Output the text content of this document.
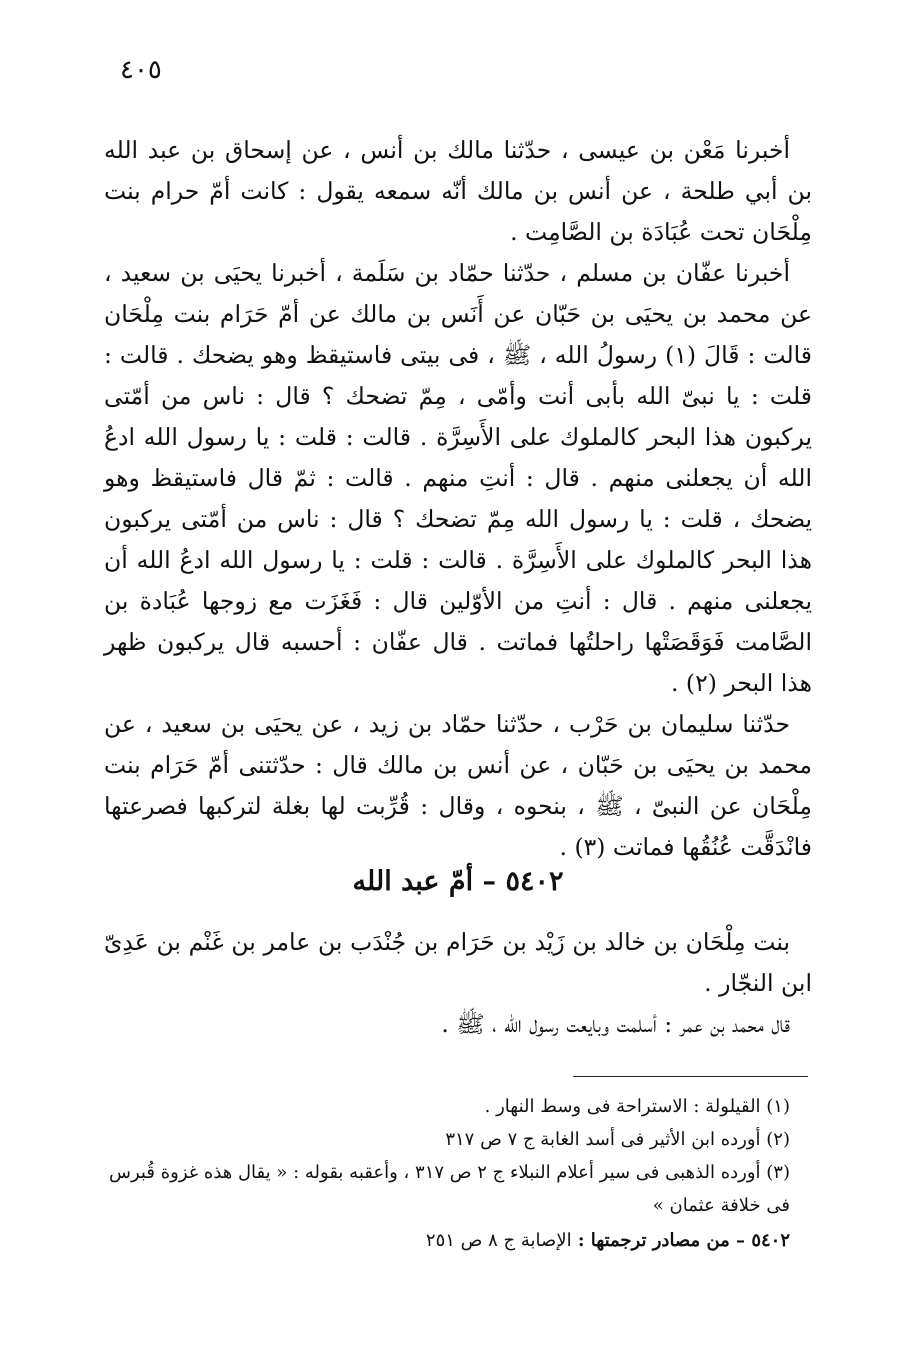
٤٠٥

أخبرنا مَعْن بن عيسى ، حدّثنا مالك بن أنس ، عن إسحاق بن عبد الله بن أبي طلحة ، عن أنس بن مالك أنّه سمعه يقول : كانت أمّ حرام بنت مِلْحَان تحت عُبَادَة بن الصَّامِت .

أخبرنا عفّان بن مسلم ، حدّثنا حمّاد بن سَلَمة ، أخبرنا يحيَى بن سعيد ، عن محمد بن يحيَى بن حَبّان عن أَنَس بن مالك عن أمّ حَرَام بنت مِلْحَان قالت : قَالَ (١) رسولُ الله ، ﷺ ، فى بيتى فاستيقظ وهو يضحك . قالت : قلت : يا نبىّ الله بأبى أنت وأمّى ، مِمّ تضحك ؟ قال : ناس من أمّتى يركبون هذا البحر كالملوك على الأَسِرَّة . قالت : قلت : يا رسول الله ادعُ الله أن يجعلنى منهم . قال : أنتِ منهم . قالت : ثمّ قال فاستيقظ وهو يضحك ، قلت : يا رسول الله مِمّ تضحك ؟ قال : ناس من أمّتى يركبون هذا البحر كالملوك على الأَسِرَّة . قالت : قلت : يا رسول الله ادعُ الله أن يجعلنى منهم . قال : أنتِ من الأوّلين قال : فَغَزَت مع زوجها عُبَادة بن الصَّامت فَوَقَصَتْها راحلتُها فماتت . قال عفّان : أحسبه قال يركبون ظهر هذا البحر (٢) .

حدّثنا سليمان بن حَرْب ، حدّثنا حمّاد بن زيد ، عن يحيَى بن سعيد ، عن محمد بن يحيَى بن حَبّان ، عن أنس بن مالك قال : حدّثتنى أمّ حَرَام بنت مِلْحَان عن النبىّ ، ﷺ ، بنحوه ، وقال : قُرِّبت لها بغلة لتركبها فصرعتها فانْدَقَّت عُنُقُها فماتت (٣) .

٥٤٠٢ – أمّ عبد الله

بنت مِلْحَان بن خالد بن زَيْد بن حَرَام بن جُنْدَب بن عامر بن غَنْم بن عَدِىّ ابن النجّار .

قال محمد بن عمر : أسلمت وبايعت رسول الله ، ﷺ .

(١) القيلولة : الاستراحة فى وسط النهار .

(٢) أورده ابن الأثير فى أسد الغابة ج ٧ ص ٣١٧

(٣) أورده الذهبى فى سير أعلام النبلاء ج ٢ ص ٣١٧ ، وأعقبه بقوله : « يقال هذه غزوة قُبرس فى خلافة عثمان »

٥٤٠٢ – من مصادر ترجمتها : الإصابة ج ٨ ص ٢٥١
